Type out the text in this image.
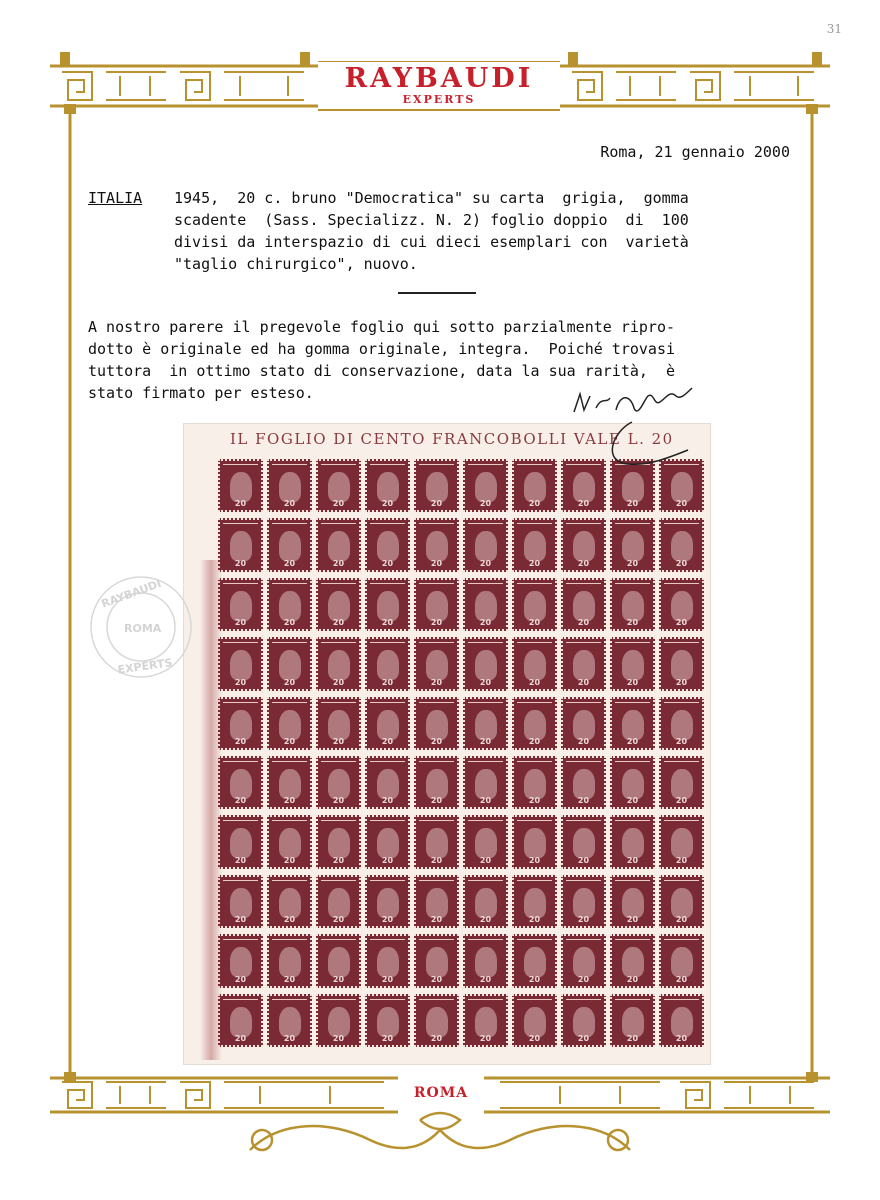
31
RAYBAUDI
EXPERTS
ROMA
Roma, 21 gennaio 2000
ITALIA	1945,  20 c. bruno "Democratica" su carta  grigia,  gomma
scadente  (Sass. Specializz. N. 2) foglio doppio  di  100
divisi da interspazio di cui dieci esemplari con  varietà
"taglio chirurgico", nuovo.
A nostro parere il pregevole foglio qui sotto parzialmente ripro-
dotto è originale ed ha gomma originale, integra.  Poiché trovasi
tuttora  in ottimo stato di conservazione, data la sua rarità,  è
stato firmato per esteso.
IL FOGLIO DI CENTO FRANCOBOLLI VALE L. 20
20	20	20	20	20	20	20	20	20	20
20	20	20	20	20	20	20	20	20	20
20	20	20	20	20	20	20	20	20	20
20	20	20	20	20	20	20	20	20	20
20	20	20	20	20	20	20	20	20	20
20	20	20	20	20	20	20	20	20	20
20	20	20	20	20	20	20	20	20	20
20	20	20	20	20	20	20	20	20	20
20	20	20	20	20	20	20	20	20	20
20	20	20	20	20	20	20	20	20	20
RAYBAUDI
ROMA
EXPERTS
